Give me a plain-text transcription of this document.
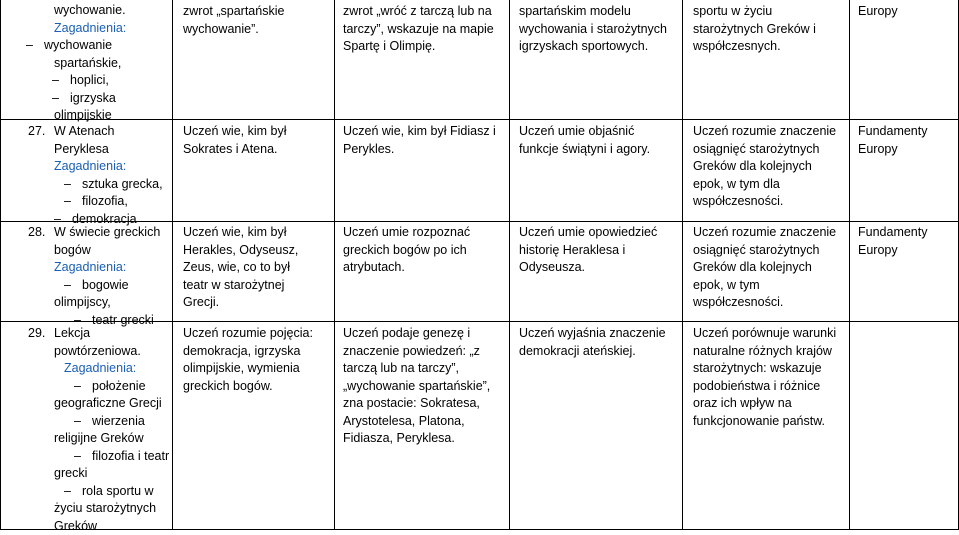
wychowanie.
Zagadnienia:
– wychowanie
spartańskie,
– hoplici,
– igrzyska
olimpijskie
27. W Atenach
Peryklesa
Zagadnienia:
– sztuka grecka,
– filozofia,
– demokracja
28. W świecie greckich
bogów
Zagadnienia:
– bogowie
olimpijscy,
– teatr grecki
29. Lekcja
powtórzeniowa.
Zagadnienia:
– położenie
geograficzne Grecji
– wierzenia
religijne Greków
– filozofia i teatr
grecki
– rola sportu w
życiu starożytnych
Greków
zwrot „spartańskie
wychowanie”.
Uczeń wie, kim był
Sokrates i Atena.
Uczeń wie, kim był
Herakles, Odyseusz,
Zeus, wie, co to był
teatr w starożytnej
Grecji.
Uczeń rozumie pojęcia:
demokracja, igrzyska
olimpijskie, wymienia
greckich bogów.
zwrot „wróć z tarczą lub na
tarczy”, wskazuje na mapie
Spartę i Olimpię.
Uczeń wie, kim był Fidiasz i
Perykles.
Uczeń umie rozpoznać
greckich bogów po ich
atrybutach.
Uczeń podaje genezę i
znaczenie powiedzeń: „z
tarczą lub na tarczy”,
„wychowanie spartańskie”,
zna postacie: Sokratesa,
Arystotelesa, Platona,
Fidiasza, Peryklesa.
spartańskim modelu
wychowania i starożytnych
igrzyskach sportowych.
Uczeń umie objaśnić
funkcje świątyni i agory.
Uczeń umie opowiedzieć
historię Heraklesa i
Odyseusza.
Uczeń wyjaśnia znaczenie
demokracji ateńskiej.
sportu w życiu
starożytnych Greków i
współczesnych.
Uczeń rozumie znaczenie
osiągnięć starożytnych
Greków dla kolejnych
epok, w tym dla
współczesności.
Uczeń rozumie znaczenie
osiągnięć starożytnych
Greków dla kolejnych
epok, w tym
współczesności.
Uczeń porównuje warunki
naturalne różnych krajów
starożytnych: wskazuje
podobieństwa i różnice
oraz ich wpływ na
funkcjonowanie państw.
Europy
Fundamenty
Europy
Fundamenty
Europy
